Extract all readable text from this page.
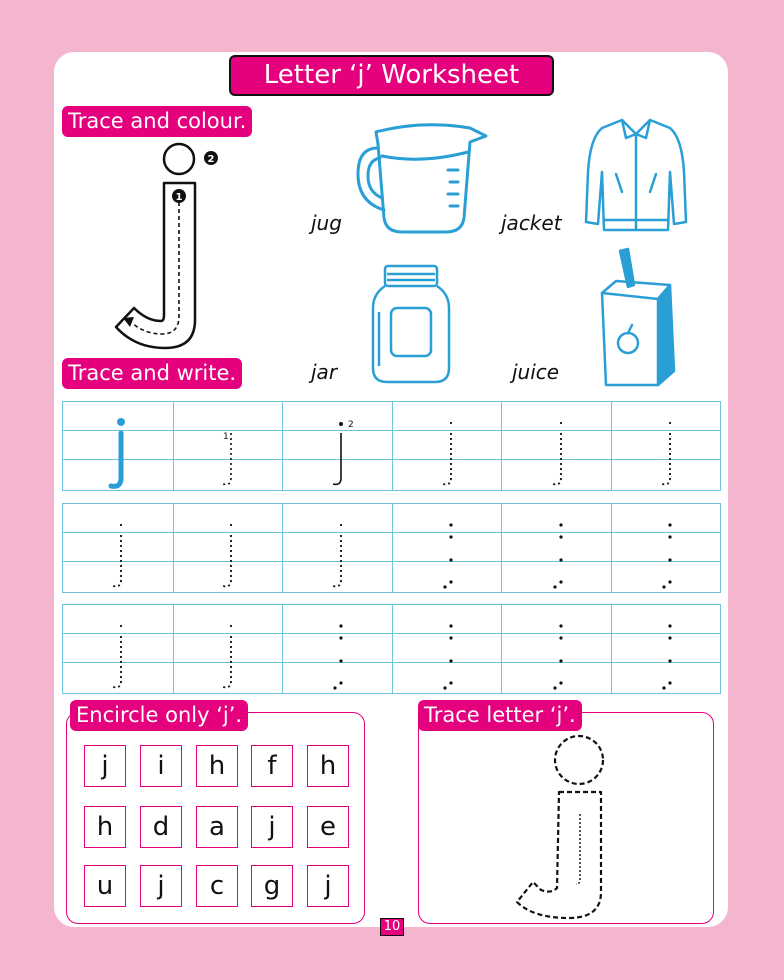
Letter ‘j’ Worksheet
Trace and colour.
2
1
jug	jacket
jar	juice
Trace and write.
1
2
Encircle only ‘j’.
j	i	h	f	h
h	d	a	j	e
u	j	c	g	j
Trace letter ‘j’.
10
